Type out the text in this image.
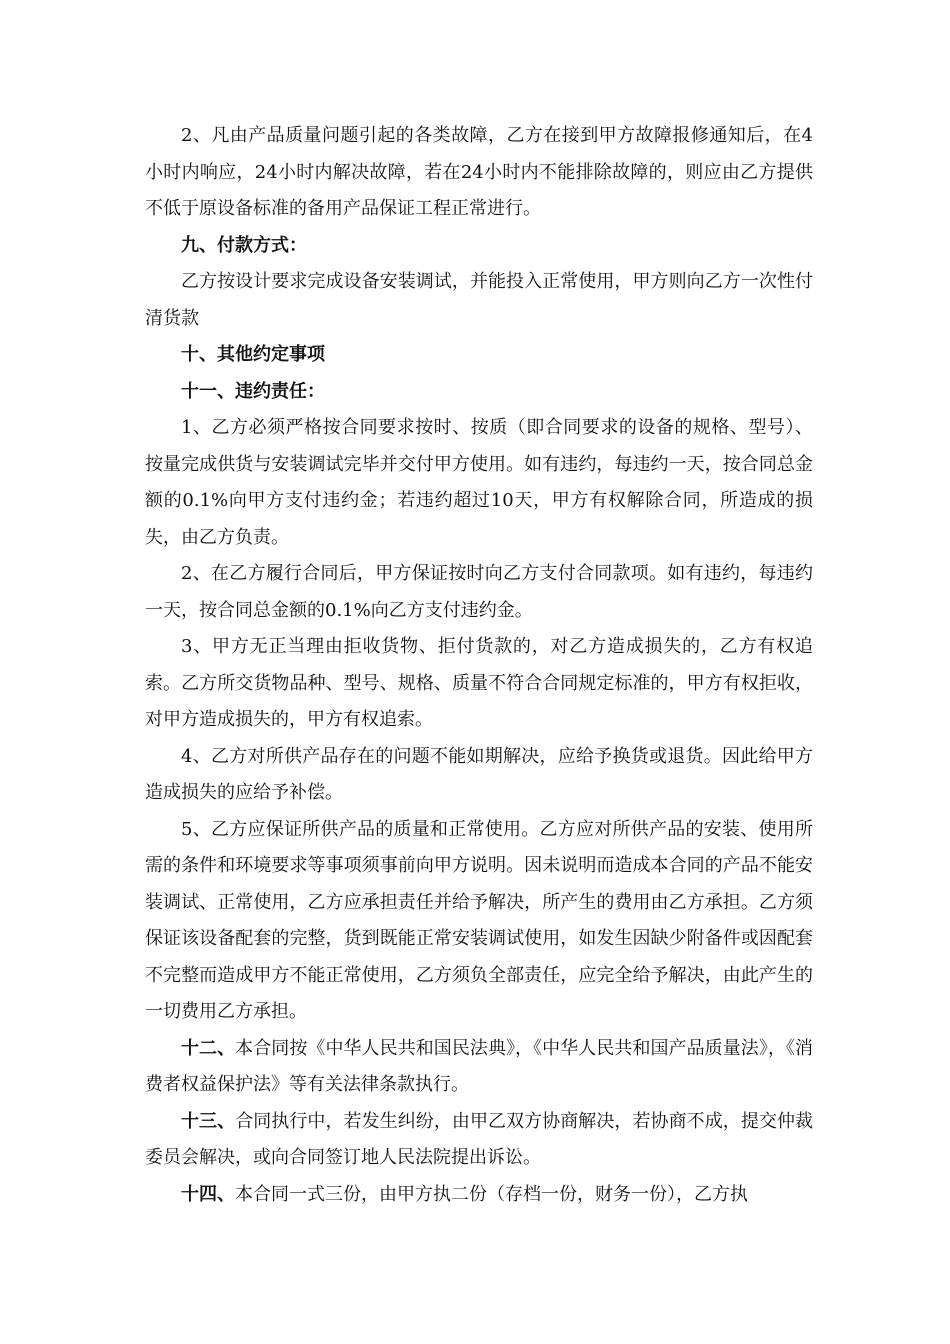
2、凡由产品质量问题引起的各类故障，乙方在接到甲方故障报修通知后，在4小时内响应，24小时内解决故障，若在24小时内不能排除故障的，则应由乙方提供不低于原设备标准的备用产品保证工程正常进行。

九、付款方式：

乙方按设计要求完成设备安装调试，并能投入正常使用，甲方则向乙方一次性付清货款

十、其他约定事项

十一、违约责任：

1、乙方必须严格按合同要求按时、按质（即合同要求的设备的规格、型号）、按量完成供货与安装调试完毕并交付甲方使用。如有违约，每违约一天，按合同总金额的0.1%向甲方支付违约金；若违约超过10天，甲方有权解除合同，所造成的损失，由乙方负责。

2、在乙方履行合同后，甲方保证按时向乙方支付合同款项。如有违约，每违约一天，按合同总金额的0.1%向乙方支付违约金。

3、甲方无正当理由拒收货物、拒付货款的，对乙方造成损失的，乙方有权追索。乙方所交货物品种、型号、规格、质量不符合合同规定标准的，甲方有权拒收，对甲方造成损失的，甲方有权追索。

4、乙方对所供产品存在的问题不能如期解决，应给予换货或退货。因此给甲方造成损失的应给予补偿。

5、乙方应保证所供产品的质量和正常使用。乙方应对所供产品的安装、使用所需的条件和环境要求等事项须事前向甲方说明。因未说明而造成本合同的产品不能安装调试、正常使用，乙方应承担责任并给予解决，所产生的费用由乙方承担。乙方须保证该设备配套的完整，货到既能正常安装调试使用，如发生因缺少附备件或因配套不完整而造成甲方不能正常使用，乙方须负全部责任，应完全给予解决，由此产生的一切费用乙方承担。

十二、本合同按《中华人民共和国民法典》，《中华人民共和国产品质量法》，《消费者权益保护法》等有关法律条款执行。

十三、合同执行中，若发生纠纷，由甲乙双方协商解决，若协商不成，提交仲裁委员会解决，或向合同签订地人民法院提出诉讼。

十四、本合同一式三份，由甲方执二份（存档一份，财务一份），乙方执
